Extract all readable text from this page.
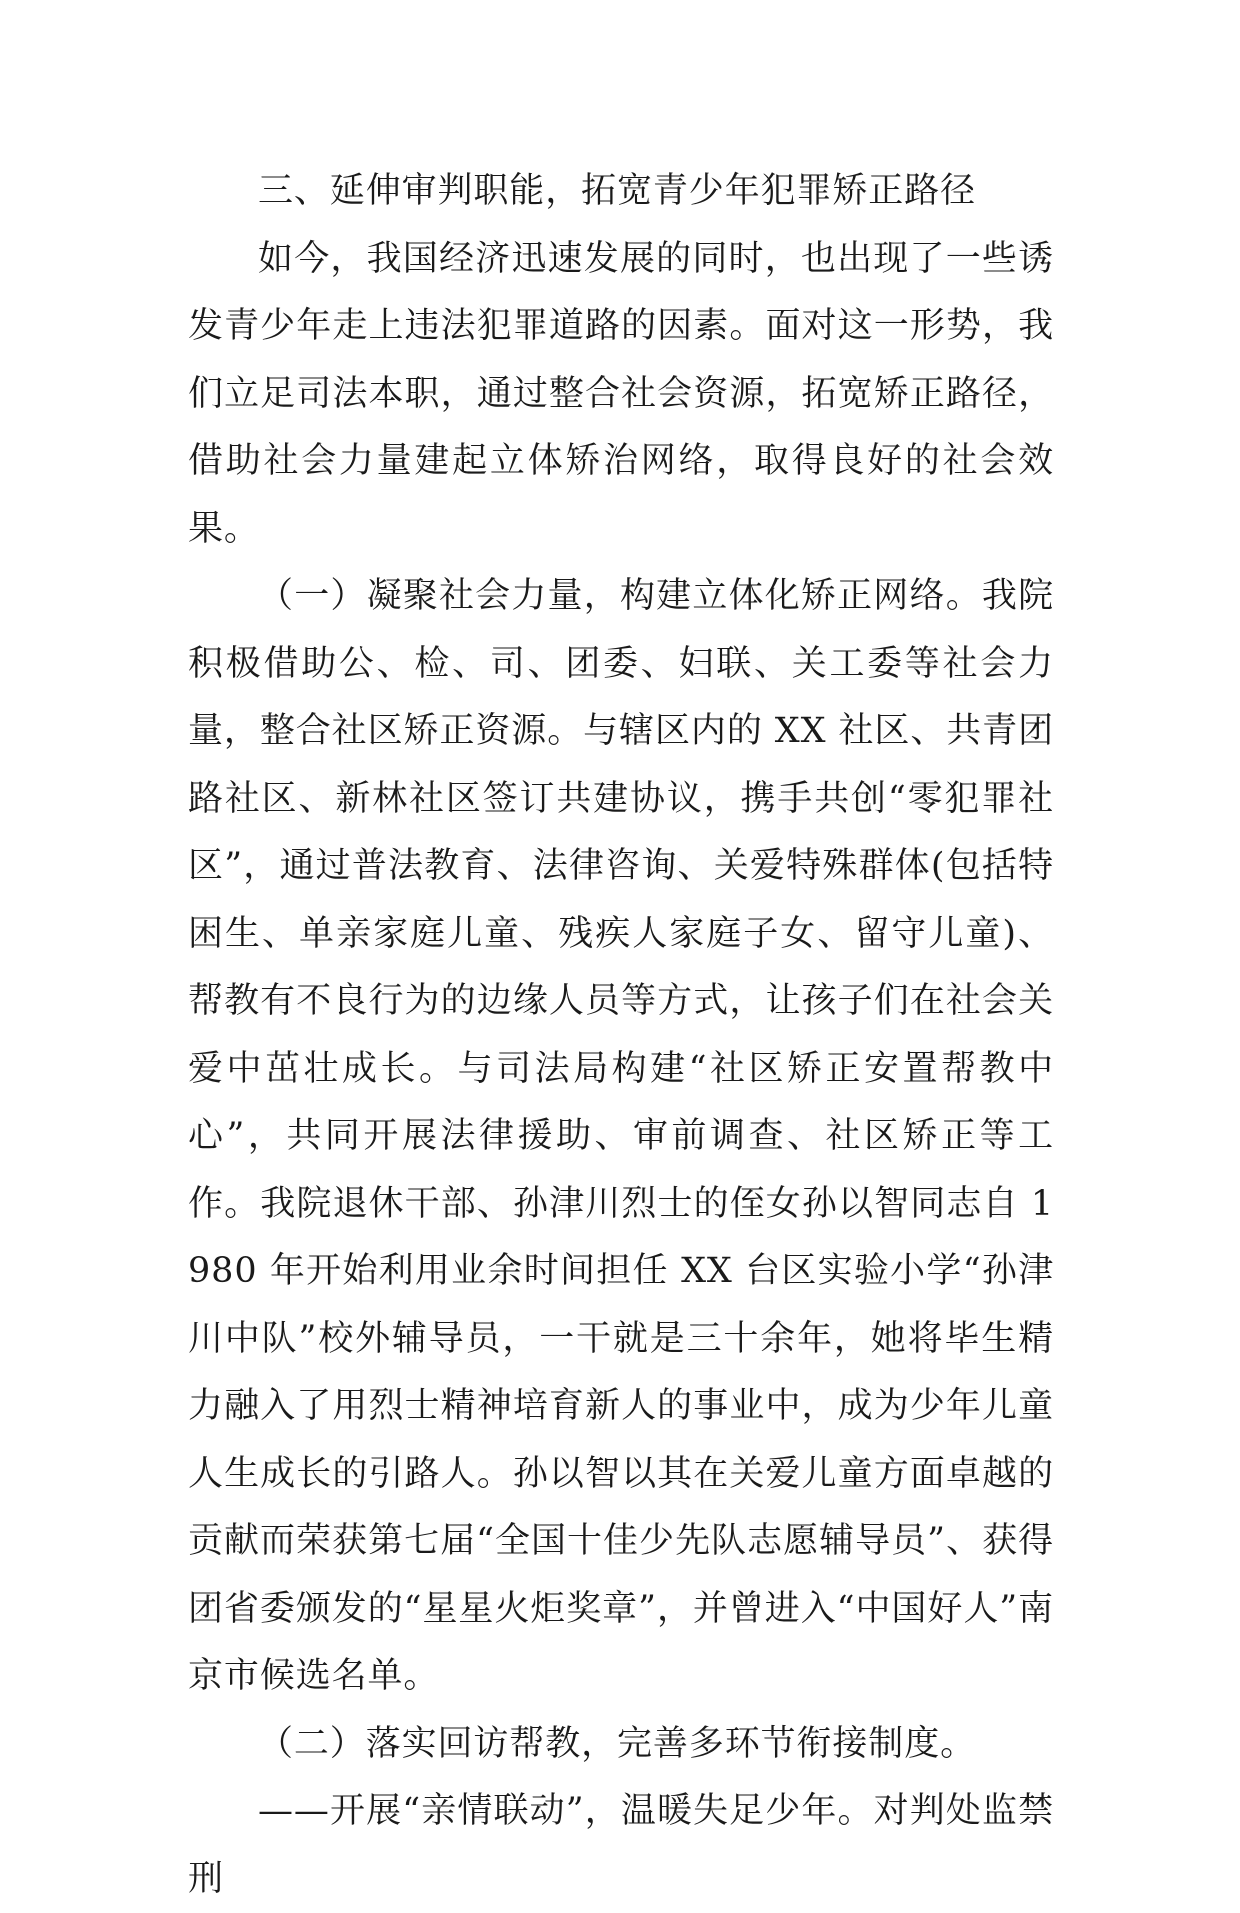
三、延伸审判职能，拓宽青少年犯罪矫正路径

如今，我国经济迅速发展的同时，也出现了一些诱发青少年走上违法犯罪道路的因素。面对这一形势，我们立足司法本职，通过整合社会资源，拓宽矫正路径，借助社会力量建起立体矫治网络，取得良好的社会效果。

（一）凝聚社会力量，构建立体化矫正网络。我院积极借助公、检、司、团委、妇联、关工委等社会力量，整合社区矫正资源。与辖区内的 XX 社区、共青团路社区、新林社区签订共建协议，携手共创“零犯罪社区”，通过普法教育、法律咨询、关爱特殊群体(包括特困生、单亲家庭儿童、残疾人家庭子女、留守儿童)、帮教有不良行为的边缘人员等方式，让孩子们在社会关爱中茁壮成长。与司法局构建“社区矫正安置帮教中心”，共同开展法律援助、审前调查、社区矫正等工作。我院退休干部、孙津川烈士的侄女孙以智同志自 1980 年开始利用业余时间担任 XX 台区实验小学“孙津川中队”校外辅导员，一干就是三十余年，她将毕生精力融入了用烈士精神培育新人的事业中，成为少年儿童人生成长的引路人。孙以智以其在关爱儿童方面卓越的贡献而荣获第七届“全国十佳少先队志愿辅导员”、获得团省委颁发的“星星火炬奖章”，并曾进入“中国好人”南京市候选名单。

（二）落实回访帮教，完善多环节衔接制度。

——开展“亲情联动”，温暖失足少年。对判处监禁刑
